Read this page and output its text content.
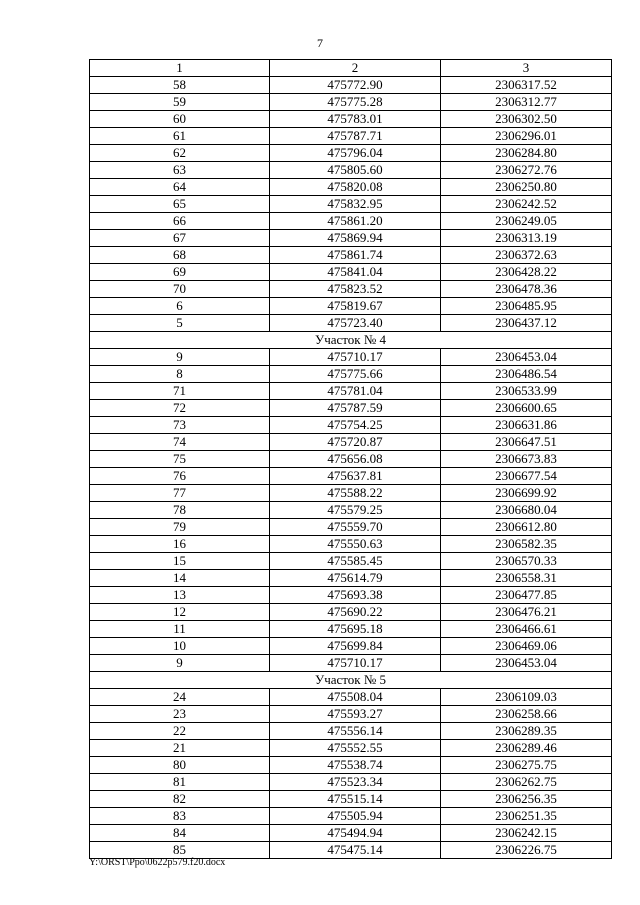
7
1	2	3
58	475772.90	2306317.52
59	475775.28	2306312.77
60	475783.01	2306302.50
61	475787.71	2306296.01
62	475796.04	2306284.80
63	475805.60	2306272.76
64	475820.08	2306250.80
65	475832.95	2306242.52
66	475861.20	2306249.05
67	475869.94	2306313.19
68	475861.74	2306372.63
69	475841.04	2306428.22
70	475823.52	2306478.36
6	475819.67	2306485.95
5	475723.40	2306437.12
Участок № 4		
9	475710.17	2306453.04
8	475775.66	2306486.54
71	475781.04	2306533.99
72	475787.59	2306600.65
73	475754.25	2306631.86
74	475720.87	2306647.51
75	475656.08	2306673.83
76	475637.81	2306677.54
77	475588.22	2306699.92
78	475579.25	2306680.04
79	475559.70	2306612.80
16	475550.63	2306582.35
15	475585.45	2306570.33
14	475614.79	2306558.31
13	475693.38	2306477.85
12	475690.22	2306476.21
11	475695.18	2306466.61
10	475699.84	2306469.06
9	475710.17	2306453.04
Участок № 5		
24	475508.04	2306109.03
23	475593.27	2306258.66
22	475556.14	2306289.35
21	475552.55	2306289.46
80	475538.74	2306275.75
81	475523.34	2306262.75
82	475515.14	2306256.35
83	475505.94	2306251.35
84	475494.94	2306242.15
85	475475.14	2306226.75
Y:\ORST\Ppo\0622p579.f20.docx
